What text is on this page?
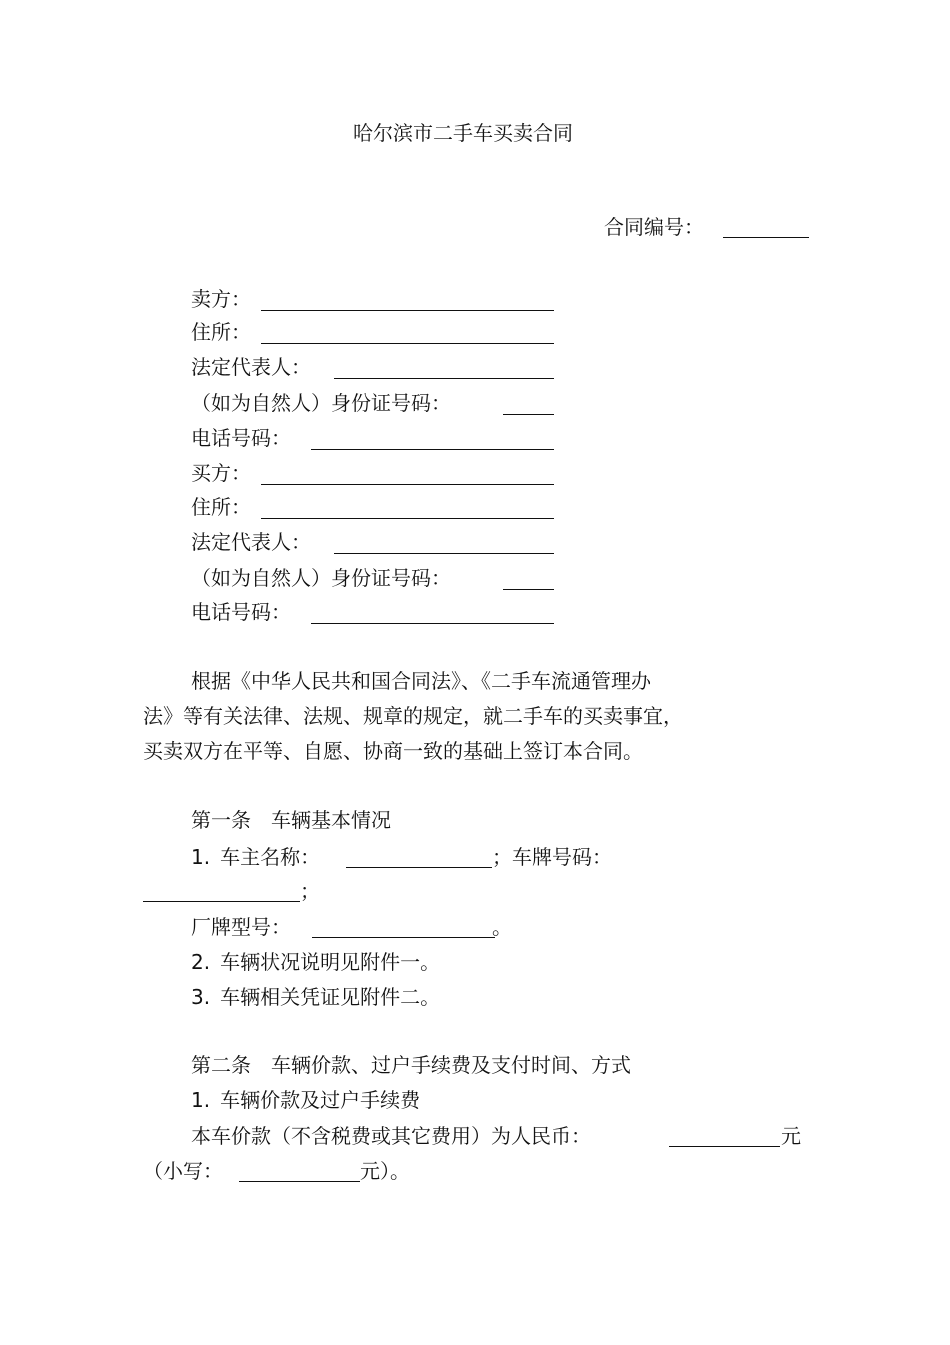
哈尔滨市二手车买卖合同
合同编号：
卖方：
住所：
法定代表人：
（如为自然人）身份证号码：
电话号码：
买方：
住所：
法定代表人：
（如为自然人）身份证号码：
电话号码：
根据《中华人民共和国合同法》、《二手车流通管理办
法》等有关法律、法规、规章的规定，就二手车的买卖事宜，
买卖双方在平等、自愿、协商一致的基础上签订本合同。
第一条　车辆基本情况
1. 车主名称：	；车牌号码：
；
厂牌型号：	。
2. 车辆状况说明见附件一。
3. 车辆相关凭证见附件二。
第二条　车辆价款、过户手续费及支付时间、方式
1. 车辆价款及过户手续费
本车价款（不含税费或其它费用）为人民币：	元
（小写：	元）。
